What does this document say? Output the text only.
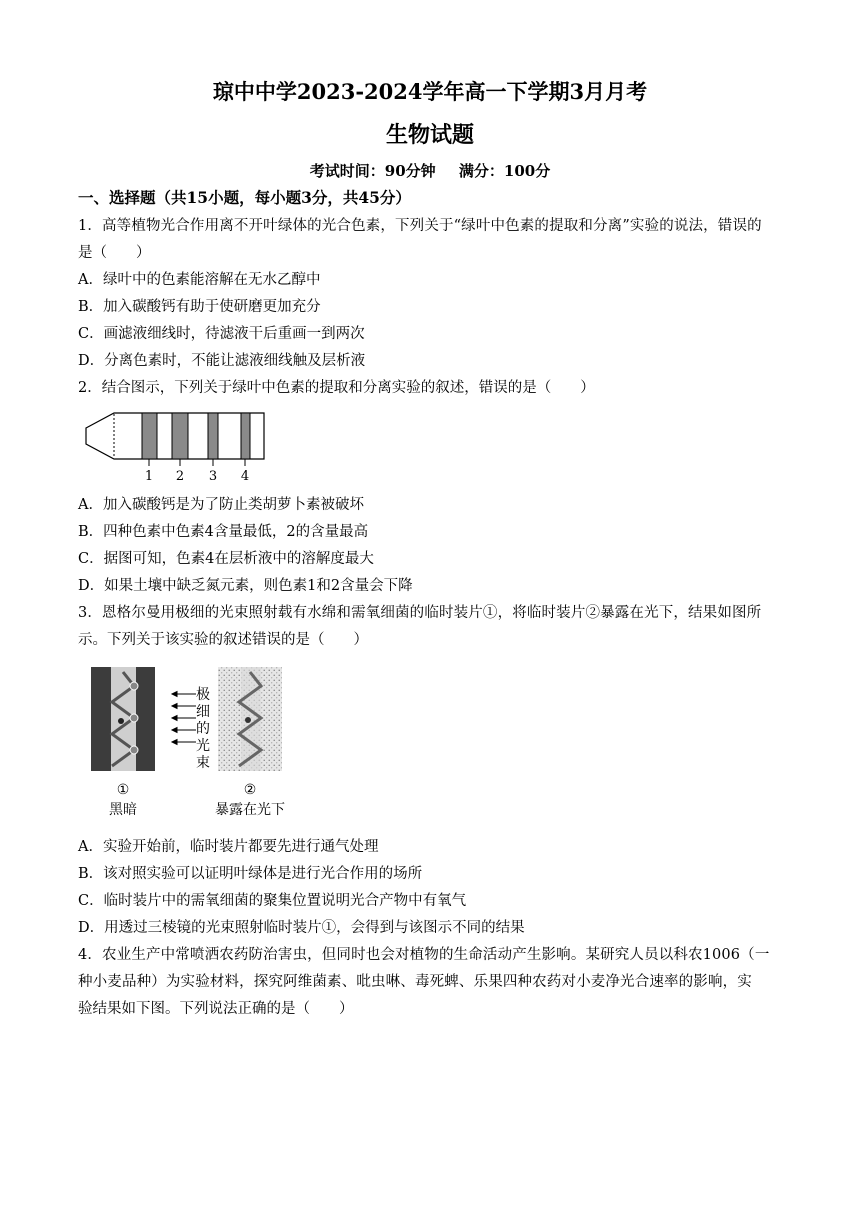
琼中中学2023-2024学年高一下学期3月月考
生物试题
考试时间：90分钟 满分：100分
一、选择题（共15小题，每小题3分，共45分）
1．高等植物光合作用离不开叶绿体的光合色素，下列关于“绿叶中色素的提取和分离”实验的说法，错误的
是（　　）
A．绿叶中的色素能溶解在无水乙醇中
B．加入碳酸钙有助于使研磨更加充分
C．画滤液细线时，待滤液干后重画一到两次
D．分离色素时，不能让滤液细线触及层析液
2．结合图示，下列关于绿叶中色素的提取和分离实验的叙述，错误的是（　　）
1 2 3 4
A．加入碳酸钙是为了防止类胡萝卜素被破坏
B．四种色素中色素4含量最低，2的含量最高
C．据图可知，色素4在层析液中的溶解度最大
D．如果土壤中缺乏氮元素，则色素1和2含量会下降
3．恩格尔曼用极细的光束照射载有水绵和需氧细菌的临时装片①，将临时装片②暴露在光下，结果如图所
示。下列关于该实验的叙述错误的是（　　）
极
细
的
光
束
①
黑暗
②
暴露在光下
A．实验开始前，临时装片都要先进行通气处理
B．该对照实验可以证明叶绿体是进行光合作用的场所
C．临时装片中的需氧细菌的聚集位置说明光合产物中有氧气
D．用透过三棱镜的光束照射临时装片①，会得到与该图示不同的结果
4．农业生产中常喷洒农药防治害虫，但同时也会对植物的生命活动产生影响。某研究人员以科农1006（一
种小麦品种）为实验材料，探究阿维菌素、吡虫啉、毒死蜱、乐果四种农药对小麦净光合速率的影响，实
验结果如下图。下列说法正确的是（　　）
